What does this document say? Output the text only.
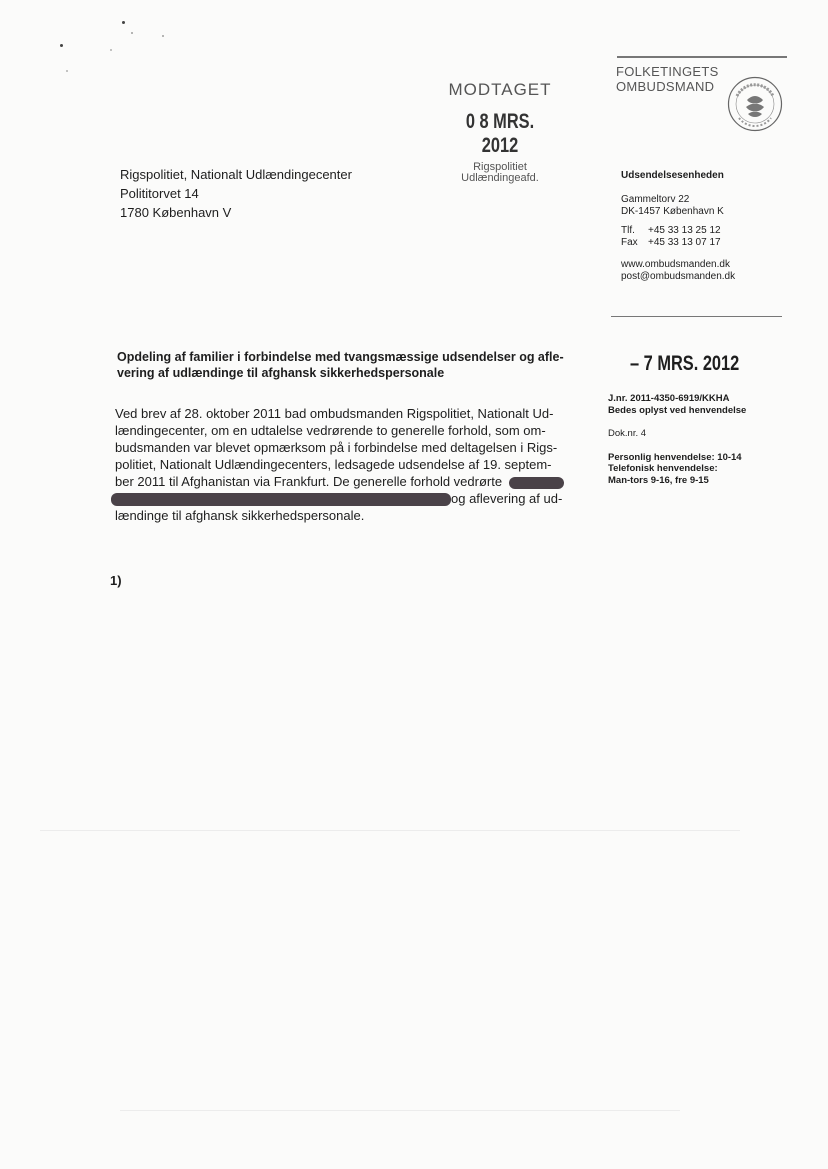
MODTAGET
0 8 MRS. 2012
Rigspolitiet
Udlændingeafd.
Rigspolitiet, Nationalt Udlændingecenter
Polititorvet 14
1780 København V
FOLKETINGETS
OMBUDSMAND
Udsendelsesenheden
Gammeltorv 22
DK-1457 København K
Tlf. +45 33 13 25 12
Fax +45 33 13 07 17
www.ombudsmanden.dk
post@ombudsmanden.dk
Opdeling af familier i forbindelse med tvangsmæssige udsendelser og afle-
vering af udlændinge til afghansk sikkerhedspersonale	– 7 MRS. 2012
J.nr. 2011-4350-6919/KKHA
Bedes oplyst ved henvendelse
Dok.nr. 4
Personlig henvendelse: 10-14
Telefonisk henvendelse:
Man-tors 9-16, fre 9-15
Ved brev af 28. oktober 2011 bad ombudsmanden Rigspolitiet, Nationalt Ud-
lændingecenter, om en udtalelse vedrørende to generelle forhold, som om-
budsmanden var blevet opmærksom på i forbindelse med deltagelsen i Rigs-
politiet, Nationalt Udlændingecenters, ledsagede udsendelse af 19. septem-
ber 2011 til Afghanistan via Frankfurt. De generelle forhold vedrørte
og aflevering af ud-
lændinge til afghansk sikkerhedspersonale.
1)
